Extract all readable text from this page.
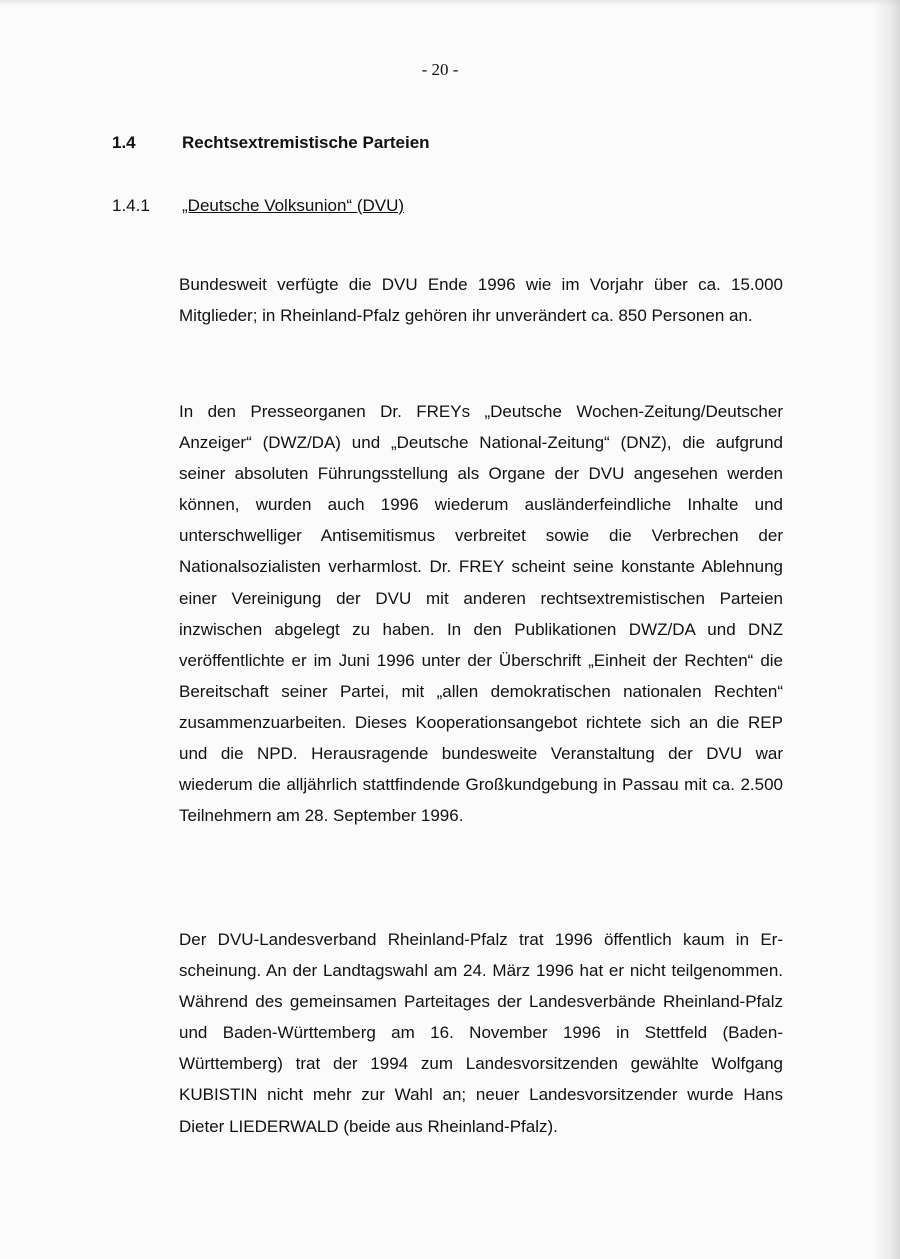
- 20 -
1.4	Rechtsextremistische Parteien
1.4.1 „Deutsche Volksunion“ (DVU)

Bundesweit verfügte die DVU Ende 1996 wie im Vorjahr über ca. 15.000 Mitglieder; in Rheinland-Pfalz gehören ihr unverändert ca. 850 Personen an.

In den Presseorganen Dr. FREYs „Deutsche Wochen-Zeitung/Deutscher Anzeiger“ (DWZ/DA) und „Deutsche National-Zeitung“ (DNZ), die aufgrund seiner absoluten Führungsstellung als Organe der DVU angesehen werden können, wurden auch 1996 wiederum ausländerfeindliche Inhalte und unterschwelliger Antisemitismus verbreitet sowie die Verbrechen der Nationalsozialisten verharmlost. Dr. FREY scheint seine konstante Ablehnung einer Vereinigung der DVU mit anderen rechtsextremistischen Parteien inzwischen abgelegt zu haben. In den Publikationen DWZ/DA und DNZ veröffentlichte er im Juni 1996 unter der Überschrift „Einheit der Rechten“ die Bereitschaft seiner Partei, mit „allen demokratischen nationalen Rechten“ zusammenzuarbeiten. Dieses Kooperationsangebot richtete sich an die REP und die NPD. Herausragende bundesweite Veranstaltung der DVU war wiederum die alljährlich stattfindende Großkundgebung in Passau mit ca. 2.500 Teilnehmern am 28. September 1996.

Der DVU-Landesverband Rheinland-Pfalz trat 1996 öffentlich kaum in Erscheinung. An der Landtagswahl am 24. März 1996 hat er nicht teilgenommen. Während des gemeinsamen Parteitages der Landesverbände Rheinland-Pfalz und Baden-Württemberg am 16. November 1996 in Stettfeld (Baden-Württemberg) trat der 1994 zum Landesvorsitzenden gewählte Wolfgang KUBISTIN nicht mehr zur Wahl an; neuer Landesvorsitzender wurde Hans Dieter LIEDERWALD (beide aus Rheinland-Pfalz).
